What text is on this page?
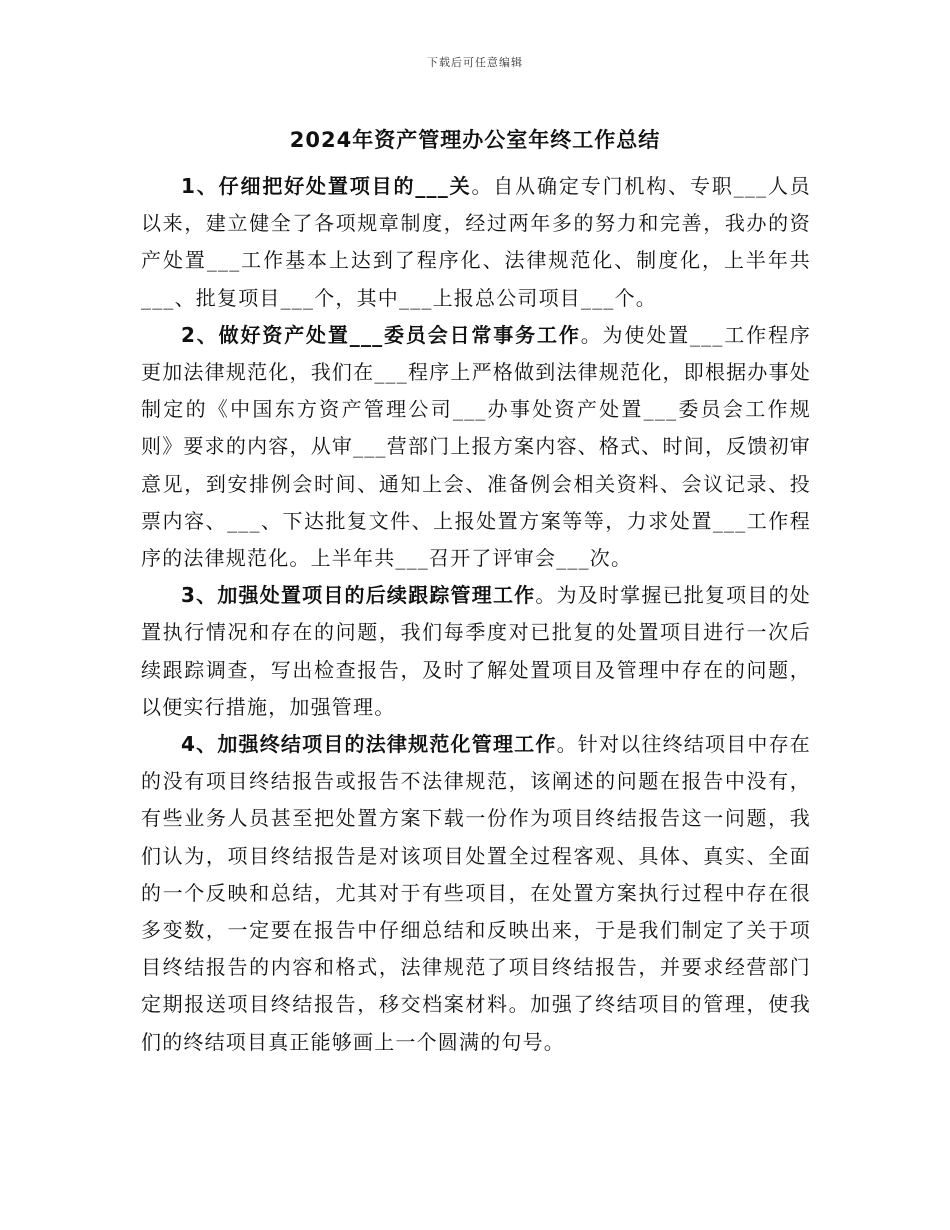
下载后可任意编辑
2024年资产管理办公室年终工作总结

1、仔细把好处置项目的___关。自从确定专门机构、专职___人员以来，建立健全了各项规章制度，经过两年多的努力和完善，我办的资产处置___工作基本上达到了程序化、法律规范化、制度化，上半年共___、批复项目___个，其中___上报总公司项目___个。

2、做好资产处置___委员会日常事务工作。为使处置___工作程序更加法律规范化，我们在___程序上严格做到法律规范化，即根据办事处制定的《中国东方资产管理公司___办事处资产处置___委员会工作规则》要求的内容，从审___营部门上报方案内容、格式、时间，反馈初审意见，到安排例会时间、通知上会、准备例会相关资料、会议记录、投票内容、___、下达批复文件、上报处置方案等等，力求处置___工作程序的法律规范化。上半年共___召开了评审会___次。

3、加强处置项目的后续跟踪管理工作。为及时掌握已批复项目的处置执行情况和存在的问题，我们每季度对已批复的处置项目进行一次后续跟踪调查，写出检查报告，及时了解处置项目及管理中存在的问题，以便实行措施，加强管理。

4、加强终结项目的法律规范化管理工作。针对以往终结项目中存在的没有项目终结报告或报告不法律规范，该阐述的问题在报告中没有，有些业务人员甚至把处置方案下载一份作为项目终结报告这一问题，我们认为，项目终结报告是对该项目处置全过程客观、具体、真实、全面的一个反映和总结，尤其对于有些项目，在处置方案执行过程中存在很多变数，一定要在报告中仔细总结和反映出来，于是我们制定了关于项目终结报告的内容和格式，法律规范了项目终结报告，并要求经营部门定期报送项目终结报告，移交档案材料。加强了终结项目的管理，使我们的终结项目真正能够画上一个圆满的句号。
